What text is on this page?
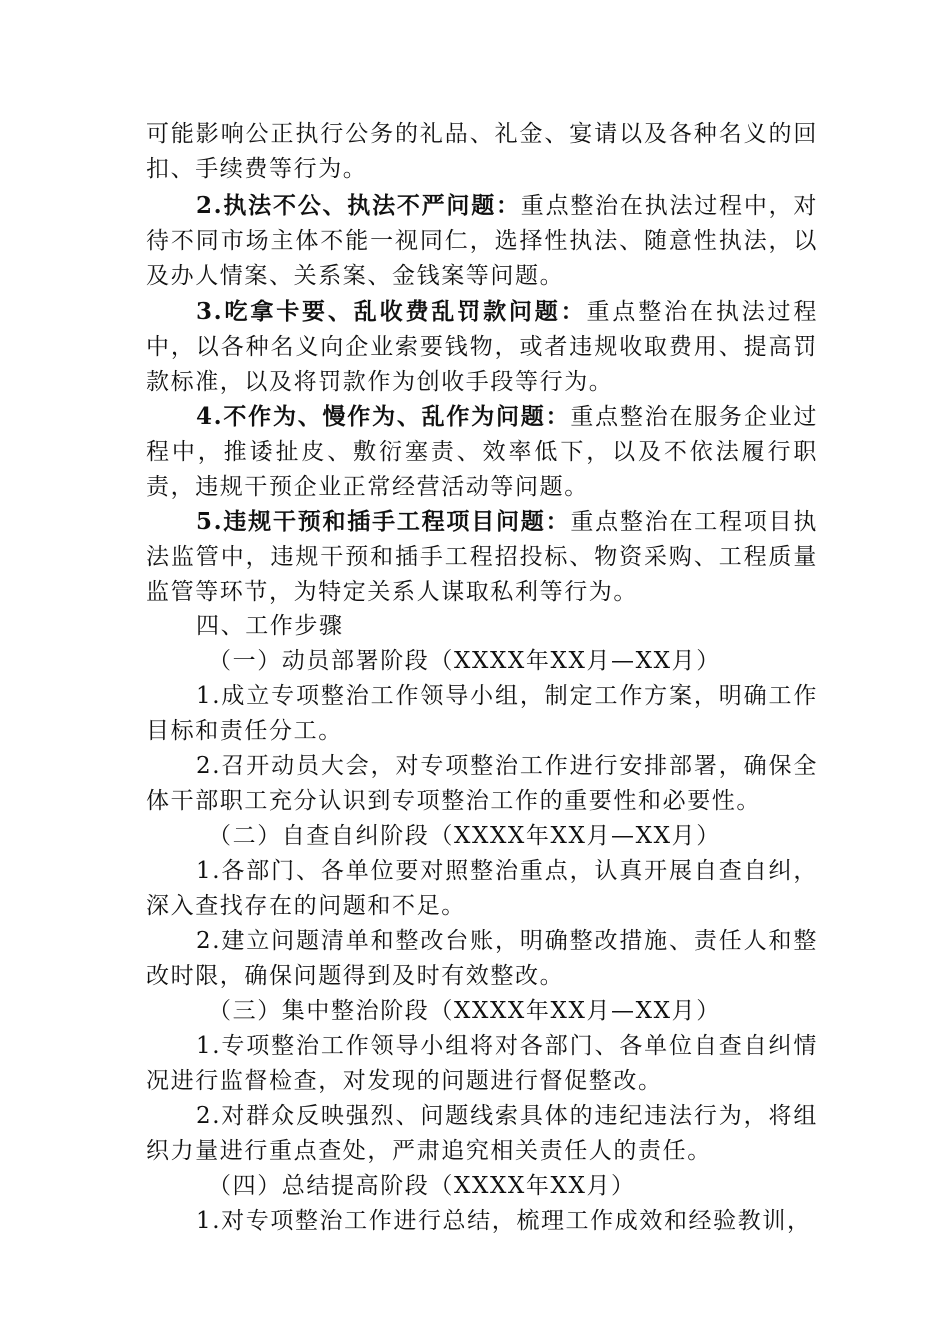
可能影响公正执行公务的礼品、礼金、宴请以及各种名义的回扣、手续费等行为。

2.执法不公、执法不严问题：重点整治在执法过程中，对待不同市场主体不能一视同仁，选择性执法、随意性执法，以及办人情案、关系案、金钱案等问题。

3.吃拿卡要、乱收费乱罚款问题：重点整治在执法过程中，以各种名义向企业索要钱物，或者违规收取费用、提高罚款标准，以及将罚款作为创收手段等行为。

4.不作为、慢作为、乱作为问题：重点整治在服务企业过程中，推诿扯皮、敷衍塞责、效率低下，以及不依法履行职责，违规干预企业正常经营活动等问题。

5.违规干预和插手工程项目问题：重点整治在工程项目执法监管中，违规干预和插手工程招投标、物资采购、工程质量监管等环节，为特定关系人谋取私利等行为。

四、工作步骤

（一）动员部署阶段（XXXX年XX月—XX月）

1.成立专项整治工作领导小组，制定工作方案，明确工作目标和责任分工。

2.召开动员大会，对专项整治工作进行安排部署，确保全体干部职工充分认识到专项整治工作的重要性和必要性。

（二）自查自纠阶段（XXXX年XX月—XX月）

1.各部门、各单位要对照整治重点，认真开展自查自纠，深入查找存在的问题和不足。

2.建立问题清单和整改台账，明确整改措施、责任人和整改时限，确保问题得到及时有效整改。

（三）集中整治阶段（XXXX年XX月—XX月）

1.专项整治工作领导小组将对各部门、各单位自查自纠情况进行监督检查，对发现的问题进行督促整改。

2.对群众反映强烈、问题线索具体的违纪违法行为，将组织力量进行重点查处，严肃追究相关责任人的责任。

（四）总结提高阶段（XXXX年XX月）

1.对专项整治工作进行总结，梳理工作成效和经验教训，
